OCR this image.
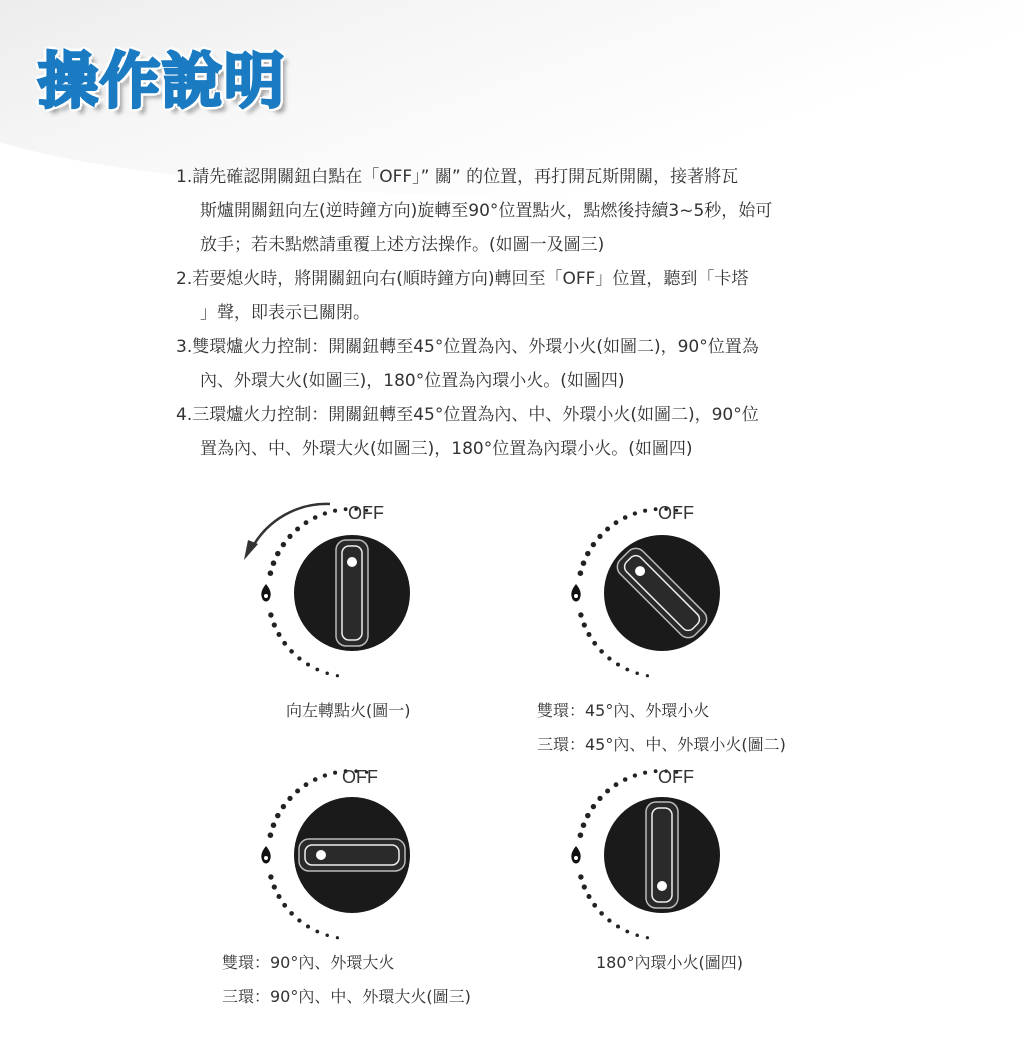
操作說明
1.請先確認開關鈕白點在「OFF」” 關” 的位置，再打開瓦斯開關，接著將瓦
斯爐開關鈕向左(逆時鐘方向)旋轉至90°位置點火，點燃後持續3~5秒，始可
放手；若未點燃請重覆上述方法操作。(如圖一及圖三)
2.若要熄火時，將開關鈕向右(順時鐘方向)轉回至「OFF」位置，聽到「卡塔
」聲，即表示已關閉。
3.雙環爐火力控制：開關鈕轉至45°位置為內、外環小火(如圖二)，90°位置為
內、外環大火(如圖三)，180°位置為內環小火。(如圖四)
4.三環爐火力控制：開關鈕轉至45°位置為內、中、外環小火(如圖二)，90°位
置為內、中、外環大火(如圖三)，180°位置為內環小火。(如圖四)
OFF
向左轉點火(圖一)
OFF
雙環：45°內、外環小火
三環：45°內、中、外環小火(圖二)
OFF
雙環：90°內、外環大火
三環：90°內、中、外環大火(圖三)
OFF
180°內環小火(圖四)
